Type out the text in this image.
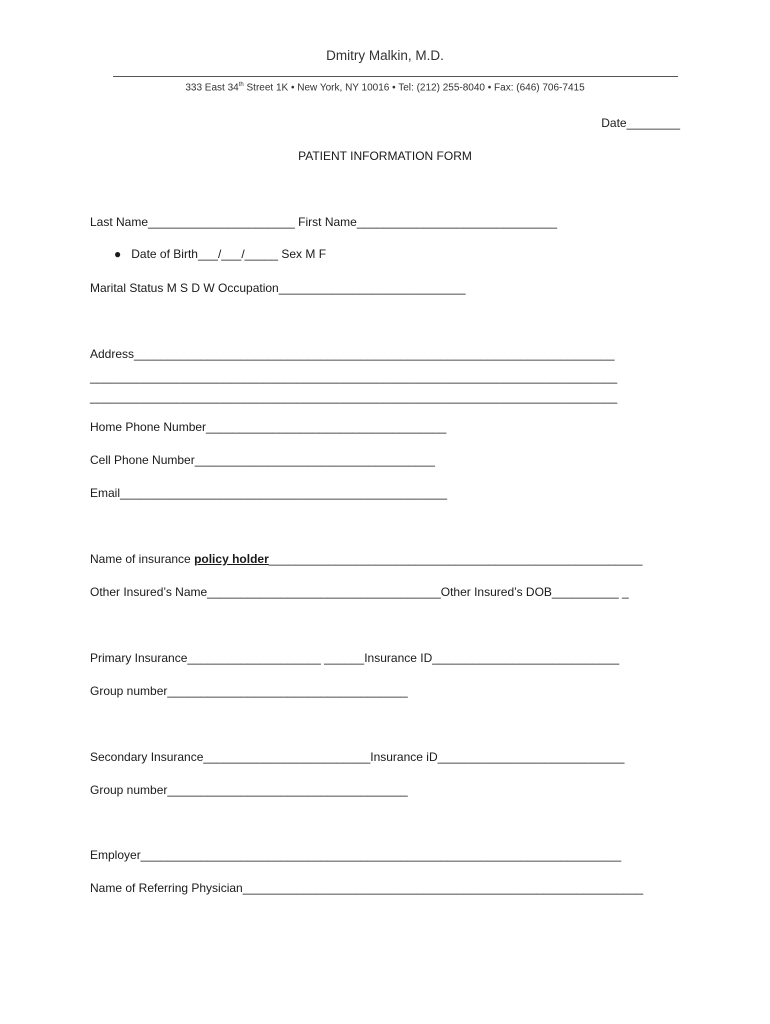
Dmitry Malkin, M.D.
333 East 34th Street 1K • New York, NY 10016 • Tel: (212) 255-8040 • Fax: (646) 706-7415
Date________
PATIENT INFORMATION FORM
Last Name______________________ First Name______________________________
●   Date of Birth___/___/_____ Sex M F
Marital Status M S D W Occupation____________________________
Address________________________________________________________________________
_______________________________________________________________________________
_______________________________________________________________________________
Home Phone Number____________________________________
Cell Phone Number____________________________________
Email_________________________________________________
Name of insurance policy holder________________________________________________________
Other Insured’s Name___________________________________Other Insured’s DOB__________ _
Primary Insurance____________________ ______Insurance ID____________________________
Group number____________________________________
Secondary Insurance_________________________Insurance iD____________________________
Group number____________________________________
Employer________________________________________________________________________
Name of Referring Physician____________________________________________________________
